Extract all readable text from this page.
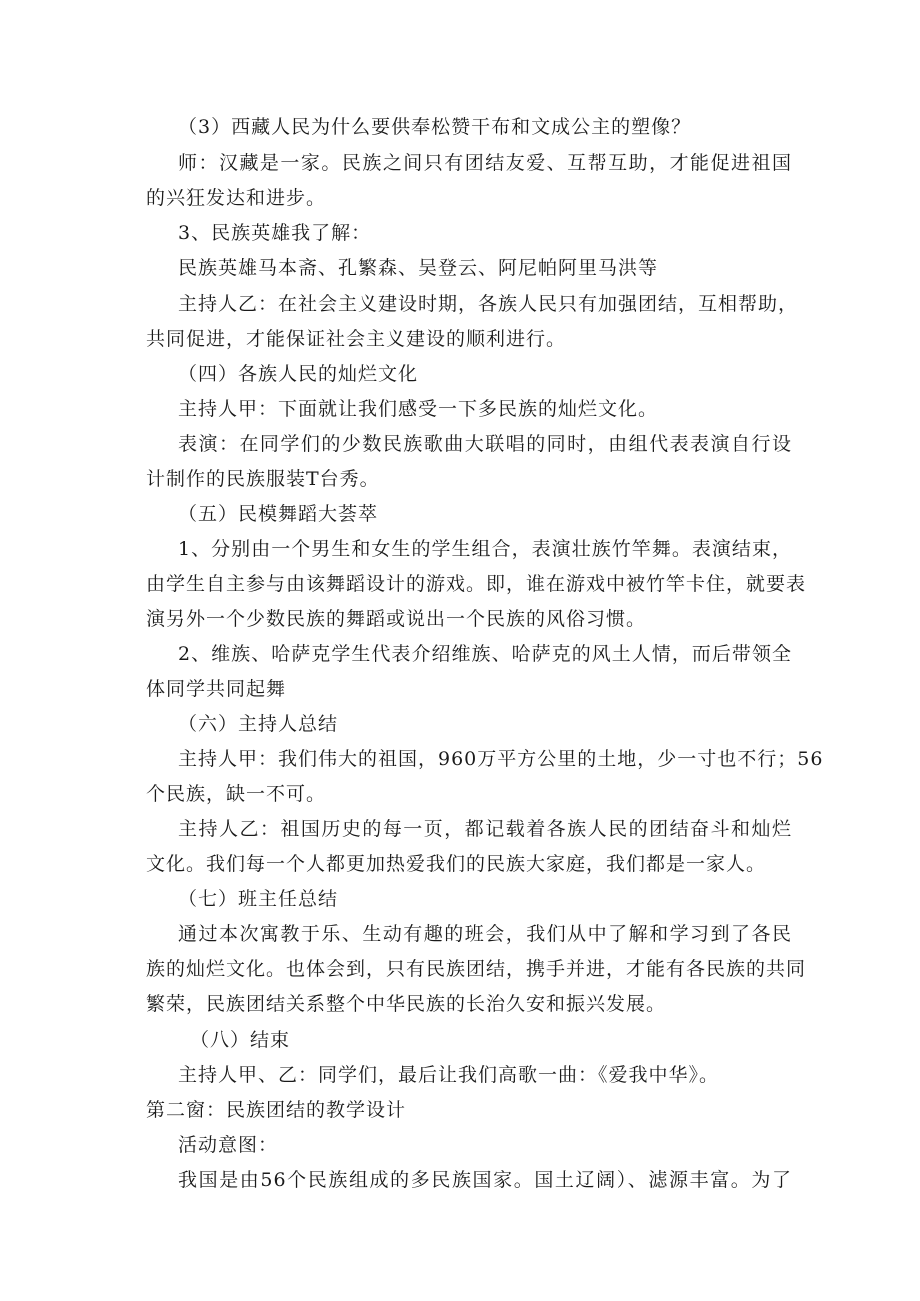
（3）西藏人民为什么要供奉松赞干布和文成公主的塑像？
师：汉藏是一家。民族之间只有团结友爱、互帮互助，才能促进祖国
的兴狂发达和进步。
3、民族英雄我了解：
民族英雄马本斋、孔繁森、吴登云、阿尼帕阿里马洪等
主持人乙：在社会主义建设时期，各族人民只有加强团结，互相帮助，
共同促进，才能保证社会主义建设的顺利进行。
（四）各族人民的灿烂文化
主持人甲：下面就让我们感受一下多民族的灿烂文化。
表演：在同学们的少数民族歌曲大联唱的同时，由组代表表演自行设
计制作的民族服装T台秀。
（五）民模舞蹈大荟萃
1、分别由一个男生和女生的学生组合，表演壮族竹竿舞。表演结束，
由学生自主参与由该舞蹈设计的游戏。即，谁在游戏中被竹竿卡住，就要表
演另外一个少数民族的舞蹈或说出一个民族的风俗习惯。
2、维族、哈萨克学生代表介绍维族、哈萨克的风土人情，而后带领全
体同学共同起舞
（六）主持人总结
主持人甲：我们伟大的祖国，960万平方公里的土地，少一寸也不行；56
个民族，缺一不可。
主持人乙：祖国历史的每一页，都记载着各族人民的团结奋斗和灿烂
文化。我们每一个人都更加热爱我们的民族大家庭，我们都是一家人。
（七）班主任总结
通过本次寓教于乐、生动有趣的班会，我们从中了解和学习到了各民
族的灿烂文化。也体会到，只有民族团结，携手并进，才能有各民族的共同
繁荣，民族团结关系整个中华民族的长治久安和振兴发展。
（八）结束
主持人甲、乙：同学们，最后让我们高歌一曲：《爱我中华》。
第二窗：民族团结的教学设计
活动意图：
我国是由56个民族组成的多民族国家。国土辽阔）、滤源丰富。为了
